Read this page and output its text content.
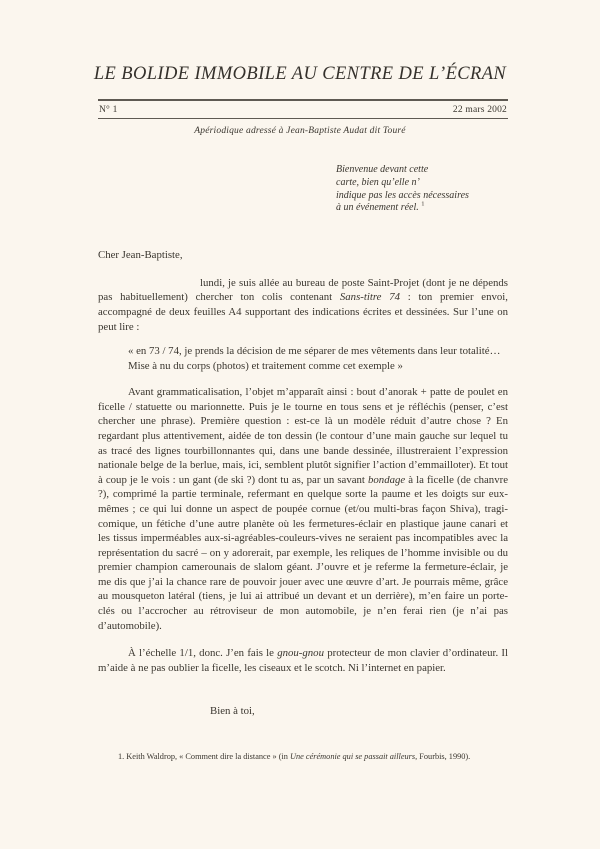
LE BOLIDE IMMOBILE AU CENTRE DE L’ÉCRAN
N° 1	22 mars 2002
Apériodique adressé à Jean-Baptiste Audat dit Touré
Bienvenue devant cette
carte, bien qu’elle n’
indique pas les accès nécessaires
à un événement réel. $^1$
Cher Jean-Baptiste,

lundi, je suis allée au bureau de poste Saint-Projet (dont je ne dépends pas habituellement) chercher ton colis contenant Sans-titre 74 : ton premier envoi, accompagné de deux feuilles A4 supportant des indications écrites et dessinées. Sur l’une on peut lire :

« en 73 / 74, je prends la décision de me séparer de mes vêtements dans leur totalité…
Mise à nu du corps (photos) et traitement comme cet exemple »

Avant grammaticalisation, l’objet m’apparaît ainsi : bout d’anorak + patte de poulet en ficelle / statuette ou marionnette. Puis je le tourne en tous sens et je réfléchis (penser, c’est chercher une phrase). Première question : est-ce là un modèle réduit d’autre chose ? En regardant plus attentivement, aidée de ton dessin (le contour d’une main gauche sur lequel tu as tracé des lignes tourbillonnantes qui, dans une bande dessinée, illustreraient l’expression nationale belge de la berlue, mais, ici, semblent plutôt signifier l’action d’emmailloter). Et tout à coup je le vois : un gant (de ski ?) dont tu as, par un savant bondage à la ficelle (de chanvre ?), comprimé la partie terminale, refermant en quelque sorte la paume et les doigts sur eux-mêmes ; ce qui lui donne un aspect de poupée cornue (et/ou multi-bras façon Shiva), tragi-comique, un fétiche d’une autre planète où les fermetures-éclair en plastique jaune canari et les tissus imperméables aux-si-agréables-couleurs-vives ne seraient pas incompatibles avec la représentation du sacré – on y adorerait, par exemple, les reliques de l’homme invisible ou du premier champion camerounais de slalom géant. J’ouvre et je referme la fermeture-éclair, je me dis que j’ai la chance rare de pouvoir jouer avec une œuvre d’art. Je pourrais même, grâce au mousqueton latéral (tiens, je lui ai attribué un devant et un derrière), m’en faire un porte-clés ou l’accrocher au rétroviseur de mon automobile, je n’en ferai rien (je n’ai pas d’automobile).

À l’échelle 1/1, donc. J’en fais le gnou-gnou protecteur de mon clavier d’ordinateur. Il m’aide à ne pas oublier la ficelle, les ciseaux et le scotch. Ni l’internet en papier.

Bien à toi,
1. Keith Waldrop, « Comment dire la distance » (in Une cérémonie qui se passait ailleurs, Fourbis, 1990).
